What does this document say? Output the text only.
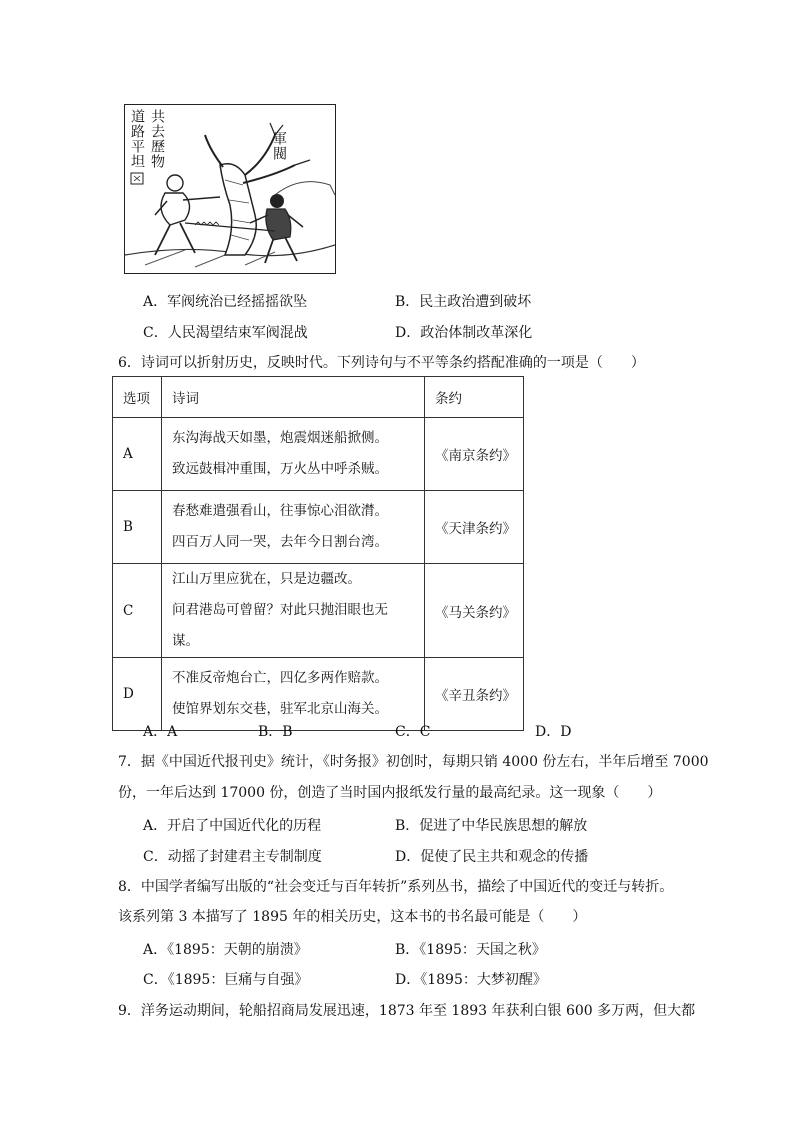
共去歷物
道路平坦	軍閥
A．军阀统治已经摇摇欲坠	B．民主政治遭到破坏
C．人民渴望结束军阀混战	D．政治体制改革深化
6．诗词可以折射历史，反映时代。下列诗句与不平等条约搭配准确的一项是（　　）
选项	诗词	条约
A	东沟海战天如墨，炮震烟迷船掀侧。
致远鼓楫冲重围，万火丛中呼杀贼。	《南京条约》
B	春愁难遣强看山，往事惊心泪欲潸。
四百万人同一哭，去年今日割台湾。	《天津条约》
C	江山万里应犹在，只是边疆改。
问君港岛可曾留？对此只抛泪眼也无谋。	《马关条约》
D	不准反帝炮台亡，四亿多两作赔款。
使馆界划东交巷，驻军北京山海关。	《辛丑条约》
A．A	B．B	C．C	D．D
7．据《中国近代报刊史》统计，《时务报》初创时，每期只销 4000 份左右，半年后增至 7000
份，一年后达到 17000 份，创造了当时国内报纸发行量的最高纪录。这一现象（　　）
A．开启了中国近代化的历程	B．促进了中华民族思想的解放
C．动摇了封建君主专制制度	D．促使了民主共和观念的传播
8．中国学者编写出版的“社会变迁与百年转折”系列丛书，描绘了中国近代的变迁与转折。
该系列第 3 本描写了 1895 年的相关历史，这本书的书名最可能是（　　）
A．《1895：天朝的崩溃》	B．《1895：天国之秋》
C．《1895：巨痛与自强》	D．《1895：大梦初醒》
9．洋务运动期间，轮船招商局发展迅速，1873 年至 1893 年获利白银 600 多万两，但大都
